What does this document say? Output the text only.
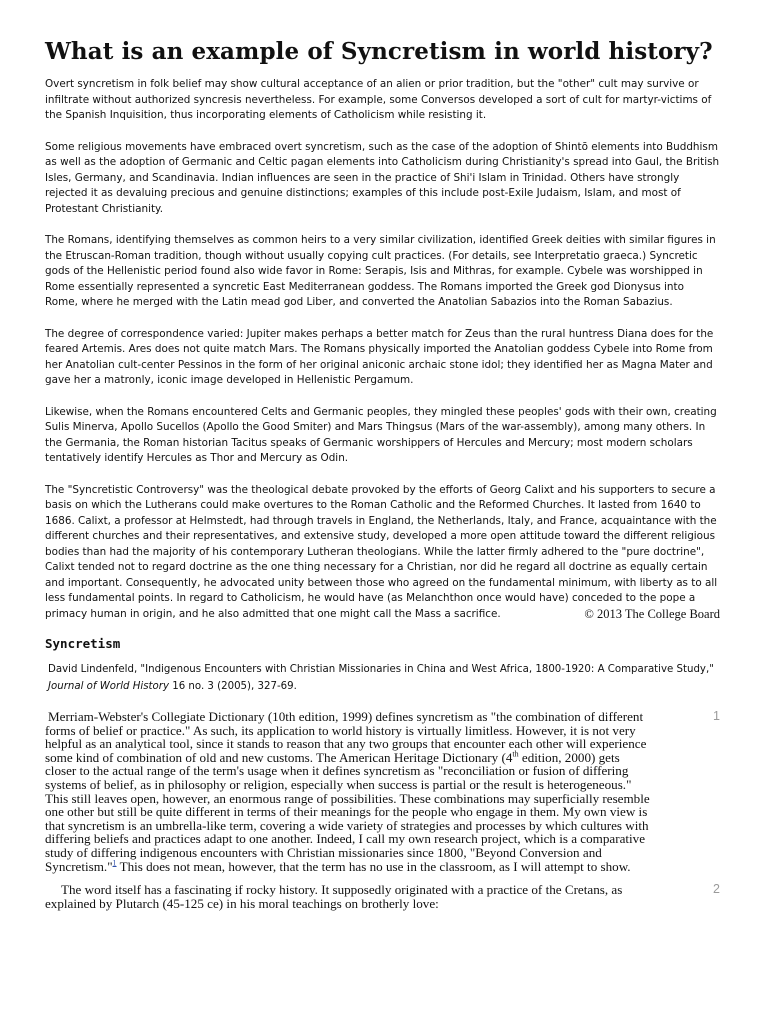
What is an example of Syncretism in world history?

Overt syncretism in folk belief may show cultural acceptance of an alien or prior tradition, but the "other" cult may survive or infiltrate without authorized syncresis nevertheless. For example, some Conversos developed a sort of cult for martyr-victims of the Spanish Inquisition, thus incorporating elements of Catholicism while resisting it.

Some religious movements have embraced overt syncretism, such as the case of the adoption of Shintō elements into Buddhism as well as the adoption of Germanic and Celtic pagan elements into Catholicism during Christianity's spread into Gaul, the British Isles, Germany, and Scandinavia. Indian influences are seen in the practice of Shi'i Islam in Trinidad. Others have strongly rejected it as devaluing precious and genuine distinctions; examples of this include post-Exile Judaism, Islam, and most of Protestant Christianity.

The Romans, identifying themselves as common heirs to a very similar civilization, identified Greek deities with similar figures in the Etruscan-Roman tradition, though without usually copying cult practices. (For details, see Interpretatio graeca.) Syncretic gods of the Hellenistic period found also wide favor in Rome: Serapis, Isis and Mithras, for example. Cybele was worshipped in Rome essentially represented a syncretic East Mediterranean goddess. The Romans imported the Greek god Dionysus into Rome, where he merged with the Latin mead god Liber, and converted the Anatolian Sabazios into the Roman Sabazius.

The degree of correspondence varied: Jupiter makes perhaps a better match for Zeus than the rural huntress Diana does for the feared Artemis. Ares does not quite match Mars. The Romans physically imported the Anatolian goddess Cybele into Rome from her Anatolian cult-center Pessinos in the form of her original aniconic archaic stone idol; they identified her as Magna Mater and gave her a matronly, iconic image developed in Hellenistic Pergamum.

Likewise, when the Romans encountered Celts and Germanic peoples, they mingled these peoples' gods with their own, creating Sulis Minerva, Apollo Sucellos (Apollo the Good Smiter) and Mars Thingsus (Mars of the war-assembly), among many others. In the Germania, the Roman historian Tacitus speaks of Germanic worshippers of Hercules and Mercury; most modern scholars tentatively identify Hercules as Thor and Mercury as Odin.

The "Syncretistic Controversy" was the theological debate provoked by the efforts of Georg Calixt and his supporters to secure a basis on which the Lutherans could make overtures to the Roman Catholic and the Reformed Churches. It lasted from 1640 to 1686. Calixt, a professor at Helmstedt, had through travels in England, the Netherlands, Italy, and France, acquaintance with the different churches and their representatives, and extensive study, developed a more open attitude toward the different religious bodies than had the majority of his contemporary Lutheran theologians. While the latter firmly adhered to the "pure doctrine", Calixt tended not to regard doctrine as the one thing necessary for a Christian, nor did he regard all doctrine as equally certain and important. Consequently, he advocated unity between those who agreed on the fundamental minimum, with liberty as to all less fundamental points. In regard to Catholicism, he would have (as Melanchthon once would have) conceded to the pope a primacy human in origin, and he also admitted that one might call the Mass a sacrifice.	© 2013 The College Board

Syncretism

David Lindenfeld, "Indigenous Encounters with Christian Missionaries in China and West Africa, 1800-1920: A Comparative Study," Journal of World History 16 no. 3 (2005), 327-69.

Merriam-Webster's Collegiate Dictionary (10th edition, 1999) defines syncretism as "the combination of different forms of belief or practice." As such, its application to world history is virtually limitless. However, it is not very helpful as an analytical tool, since it stands to reason that any two groups that encounter each other will experience some kind of combination of old and new customs. The American Heritage Dictionary (4th edition, 2000) gets closer to the actual range of the term's usage when it defines syncretism as "reconciliation or fusion of differing systems of belief, as in philosophy or religion, especially when success is partial or the result is heterogeneous." This still leaves open, however, an enormous range of possibilities. These combinations may superficially resemble one other but still be quite different in terms of their meanings for the people who engage in them. My own view is that syncretism is an umbrella-like term, covering a wide variety of strategies and processes by which cultures with differing beliefs and practices adapt to one another. Indeed, I call my own research project, which is a comparative study of differing indigenous encounters with Christian missionaries since 1800, "Beyond Conversion and Syncretism."$^1$ This does not mean, however, that the term has no use in the classroom, as I will attempt to show.
1

The word itself has a fascinating if rocky history. It supposedly originated with a practice of the Cretans, as explained by Plutarch (45-125 ce) in his moral teachings on brotherly love:
2
